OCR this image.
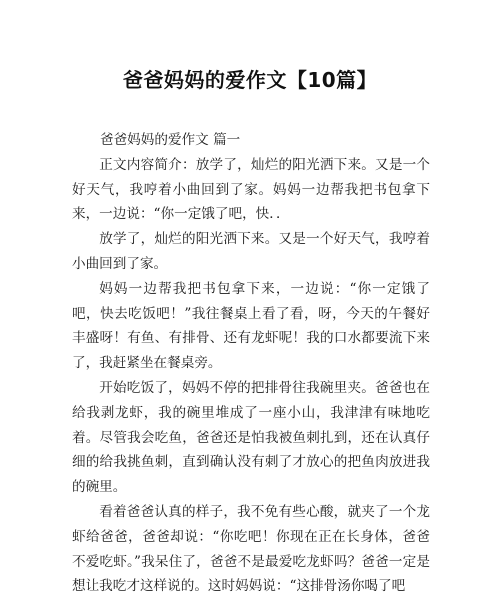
爸爸妈妈的爱作文【10篇】
爸爸妈妈的爱作文 篇一

正文内容简介：放学了，灿烂的阳光洒下来。又是一个好天气，我哼着小曲回到了家。妈妈一边帮我把书包拿下来，一边说：“你一定饿了吧，快．．

放学了，灿烂的阳光洒下来。又是一个好天气，我哼着小曲回到了家。

妈妈一边帮我把书包拿下来，一边说：“你一定饿了吧，快去吃饭吧！”我往餐桌上看了看，呀，今天的午餐好丰盛呀！有鱼、有排骨、还有龙虾呢！我的口水都要流下来了，我赶紧坐在餐桌旁。

开始吃饭了，妈妈不停的把排骨往我碗里夹。爸爸也在给我剥龙虾，我的碗里堆成了一座小山，我津津有味地吃着。尽管我会吃鱼，爸爸还是怕我被鱼刺扎到，还在认真仔细的给我挑鱼刺，直到确认没有刺了才放心的把鱼肉放进我的碗里。

看着爸爸认真的样子，我不免有些心酸，就夹了一个龙虾给爸爸，爸爸却说：“你吃吧！你现在正在长身体，爸爸不爱吃虾。”我呆住了，爸爸不是最爱吃龙虾吗？爸爸一定是想让我吃才这样说的。这时妈妈说：“这排骨汤你喝了吧
